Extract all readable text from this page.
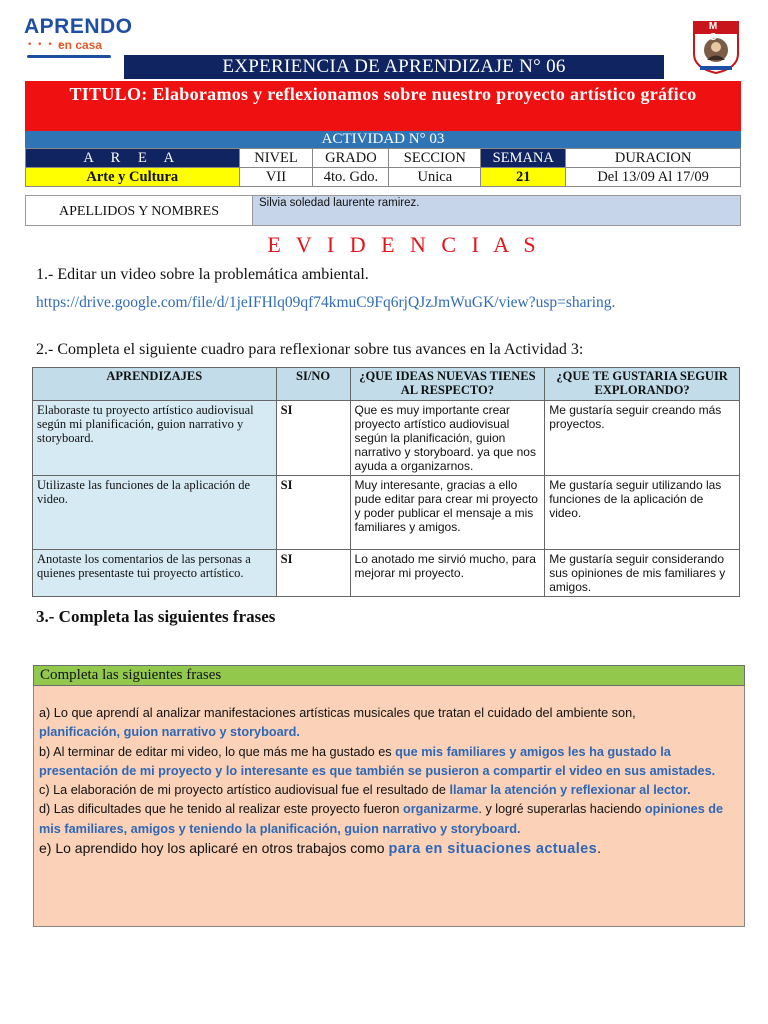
APRENDO
• • • •
en casa
M C
EXPERIENCIA DE APRENDIZAJE N° 06
TITULO: Elaboramos y reflexionamos sobre nuestro proyecto artístico gráfico
ACTIVIDAD N° 03
A R E A	NIVEL	GRADO	SECCION	SEMANA	DURACION
Arte y Cultura	VII	4to. Gdo.	Unica	21	Del 13/09 Al 17/09
APELLIDOS Y NOMBRES	Silvia soledad laurente ramirez.
E V I D E N C I A S
1.- Editar un video sobre la problemática ambiental.
https://drive.google.com/file/d/1jeIFHlq09qf74kmuC9Fq6rjQJzJmWuGK/view?usp=sharing.
2.- Completa el siguiente cuadro para reflexionar sobre tus avances en la Actividad 3:
APRENDIZAJES	SI/NO	¿QUE IDEAS NUEVAS TIENES AL RESPECTO?	¿QUE TE GUSTARIA SEGUIR EXPLORANDO?
Elaboraste tu proyecto artístico audiovisual según mi planificación, guion narrativo y storyboard.	SI	Que es muy importante crear proyecto artístico audiovisual según la planificación, guion narrativo y storyboard. ya que nos ayuda a organizarnos.	Me gustaría seguir creando más proyectos.
Utilizaste las funciones de la aplicación de video.	SI	Muy interesante, gracias a ello pude editar para crear mi proyecto y poder publicar el mensaje a mis familiares y amigos.	Me gustaría seguir utilizando las funciones de la aplicación de video.
Anotaste los comentarios de las personas a quienes presentaste tui proyecto artístico.	SI	Lo anotado me sirvió mucho, para mejorar mi proyecto.	Me gustaría seguir considerando sus opiniones de mis familiares y amigos.
3.- Completa las siguientes frases
Completa las siguientes frases
a) Lo que aprendí al analizar manifestaciones artísticas musicales que tratan el cuidado del ambiente son,
planificación, guion narrativo y storyboard.
b) Al terminar de editar mi video, lo que más me ha gustado es que mis familiares y amigos les ha gustado la presentación de mi proyecto y lo interesante es que también se pusieron a compartir el video en sus amistades.
c) La elaboración de mi proyecto artístico audiovisual fue el resultado de llamar la atención y reflexionar al lector.
d) Las dificultades que he tenido al realizar este proyecto fueron organizarme. y logré superarlas haciendo opiniones de mis familiares, amigos y teniendo la planificación, guion narrativo y storyboard.
e) Lo aprendido hoy los aplicaré en otros trabajos como para en situaciones actuales.
